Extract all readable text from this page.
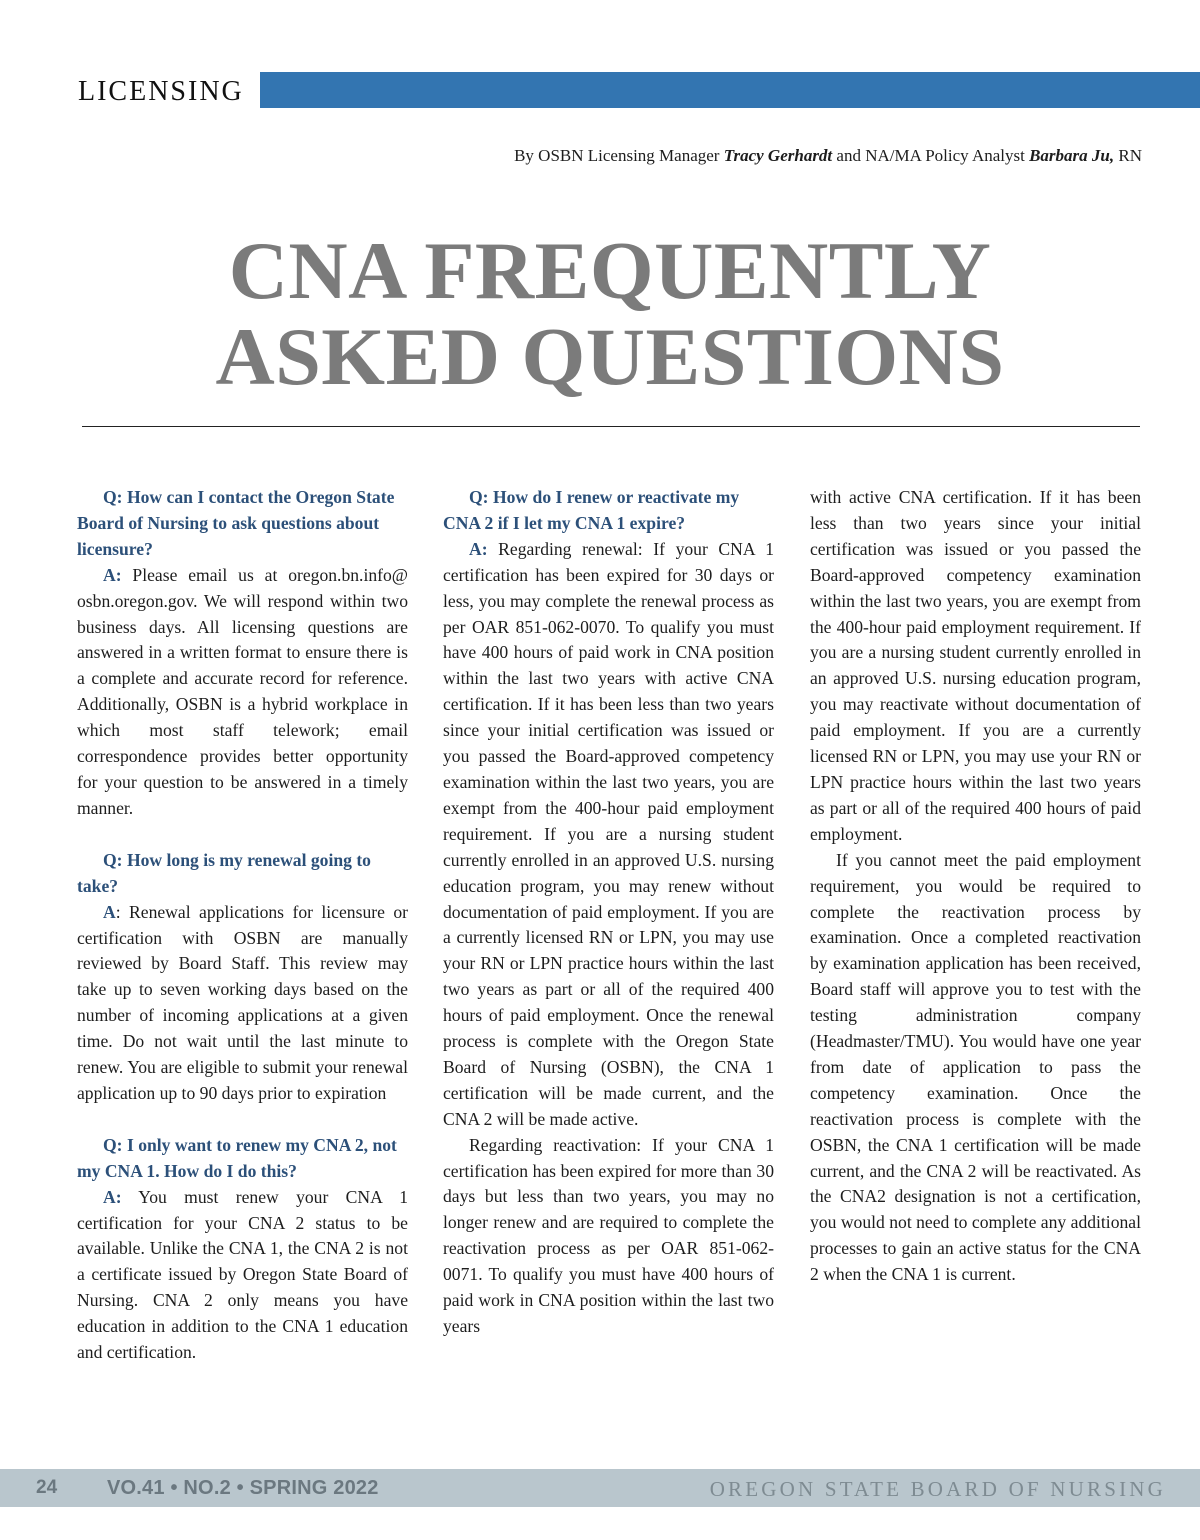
LICENSING
By OSBN Licensing Manager Tracy Gerhardt and NA/MA Policy Analyst Barbara Ju, RN
CNA FREQUENTLY
ASKED QUESTIONS
Q: How can I contact the Oregon State Board of Nursing to ask questions about licensure?
A: Please email us at oregon.bn.info@ osbn.oregon.gov. We will respond within two business days. All licensing questions are answered in a written format to ensure there is a complete and accurate record for reference. Additionally, OSBN is a hybrid workplace in which most staff telework; email correspondence provides better opportunity for your question to be answered in a timely manner.
Q: How long is my renewal going to take?
A: Renewal applications for licensure or certification with OSBN are manually reviewed by Board Staff. This review may take up to seven working days based on the number of incoming applications at a given time. Do not wait until the last minute to renew. You are eligible to submit your renewal application up to 90 days prior to expiration
Q: I only want to renew my CNA 2, not my CNA 1. How do I do this?
A: You must renew your CNA 1 certification for your CNA 2 status to be available. Unlike the CNA 1, the CNA 2 is not a certificate issued by Oregon State Board of Nursing. CNA 2 only means you have education in addition to the CNA 1 education and certification.
Q: How do I renew or reactivate my CNA 2 if I let my CNA 1 expire?
A: Regarding renewal: If your CNA 1 certification has been expired for 30 days or less, you may complete the renewal process as per OAR 851-062-0070. To qualify you must have 400 hours of paid work in CNA position within the last two years with active CNA certification. If it has been less than two years since your initial certification was issued or you passed the Board-approved competency examination within the last two years, you are exempt from the 400-hour paid employment requirement. If you are a nursing student currently enrolled in an approved U.S. nursing education program, you may renew without documentation of paid employment. If you are a currently licensed RN or LPN, you may use your RN or LPN practice hours within the last two years as part or all of the required 400 hours of paid employment. Once the renewal process is complete with the Oregon State Board of Nursing (OSBN), the CNA 1 certification will be made current, and the CNA 2 will be made active.
Regarding reactivation: If your CNA 1 certification has been expired for more than 30 days but less than two years, you may no longer renew and are required to complete the reactivation process as per OAR 851-062-0071. To qualify you must have 400 hours of paid work in CNA position within the last two years
with active CNA certification. If it has been less than two years since your initial certification was issued or you passed the Board-approved competency examination within the last two years, you are exempt from the 400-hour paid employment requirement. If you are a nursing student currently enrolled in an approved U.S. nursing education program, you may reactivate without documentation of paid employment. If you are a currently licensed RN or LPN, you may use your RN or LPN practice hours within the last two years as part or all of the required 400 hours of paid employment.
If you cannot meet the paid employment requirement, you would be required to complete the reactivation process by examination. Once a completed reactivation by examination application has been received, Board staff will approve you to test with the testing administration company (Headmaster/TMU). You would have one year from date of application to pass the competency examination. Once the reactivation process is complete with the OSBN, the CNA 1 certification will be made current, and the CNA 2 will be reactivated. As the CNA2 designation is not a certification, you would not need to complete any additional processes to gain an active status for the CNA 2 when the CNA 1 is current.
24 VO.41 • NO.2 • SPRING 2022	OREGON STATE BOARD OF NURSING
